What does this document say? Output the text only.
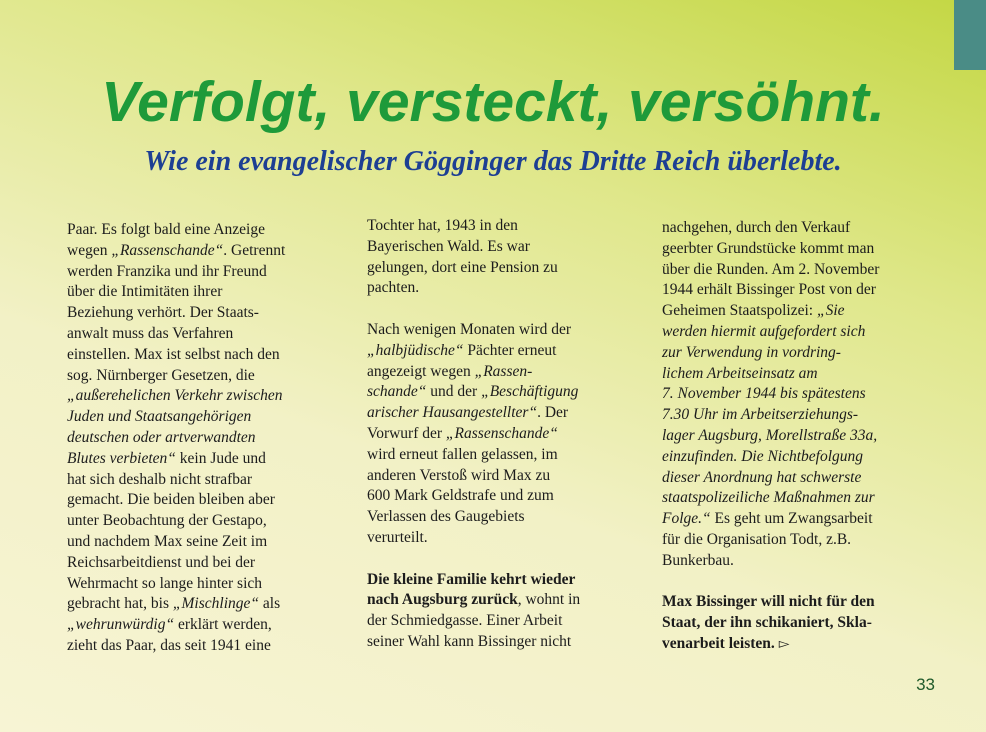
Verfolgt, versteckt, versöhnt.
Wie ein evangelischer Gögginger das Dritte Reich überlebte.

Paar. Es folgt bald eine Anzeige

wegen „Rassenschande“. Getrennt

werden Franzika und ihr Freund

über die Intimitäten ihrer

Beziehung verhört. Der Staats-

anwalt muss das Verfahren

einstellen. Max ist selbst nach den

sog. Nürnberger Gesetzen, die

„außerehelichen Verkehr zwischen

Juden und Staatsangehörigen

deutschen oder artverwandten

Blutes verbieten“ kein Jude und

hat sich deshalb nicht strafbar

gemacht. Die beiden bleiben aber

unter Beobachtung der Gestapo,

und nachdem Max seine Zeit im

Reichsarbeitdienst und bei der

Wehrmacht so lange hinter sich

gebracht hat, bis „Mischlinge“ als

„wehrunwürdig“ erklärt werden,

zieht das Paar, das seit 1941 eine

Tochter hat, 1943 in den

Bayerischen Wald. Es war

gelungen, dort eine Pension zu

pachten.

Nach wenigen Monaten wird der

„halbjüdische“ Pächter erneut

angezeigt wegen „Rassen-

schande“ und der „Beschäftigung

arischer Hausangestellter“. Der

Vorwurf der „Rassenschande“

wird erneut fallen gelassen, im

anderen Verstoß wird Max zu

600 Mark Geldstrafe und zum

Verlassen des Gaugebiets

verurteilt.

Die kleine Familie kehrt wieder

nach Augsburg zurück, wohnt in

der Schmiedgasse. Einer Arbeit

seiner Wahl kann Bissinger nicht

nachgehen, durch den Verkauf

geerbter Grundstücke kommt man

über die Runden. Am 2. November

1944 erhält Bissinger Post von der

Geheimen Staatspolizei: „Sie

werden hiermit aufgefordert sich

zur Verwendung in vordring-

lichem Arbeitseinsatz am

7. November 1944 bis spätestens

7.30 Uhr im Arbeitserziehungs-

lager Augsburg, Morellstraße 33a,

einzufinden. Die Nichtbefolgung

dieser Anordnung hat schwerste

staatspolizeiliche Maßnahmen zur

Folge.“ Es geht um Zwangsarbeit

für die Organisation Todt, z.B.

Bunkerbau.

Max Bissinger will nicht für den

Staat, der ihn schikaniert, Skla-

venarbeit leisten. ▻

33
